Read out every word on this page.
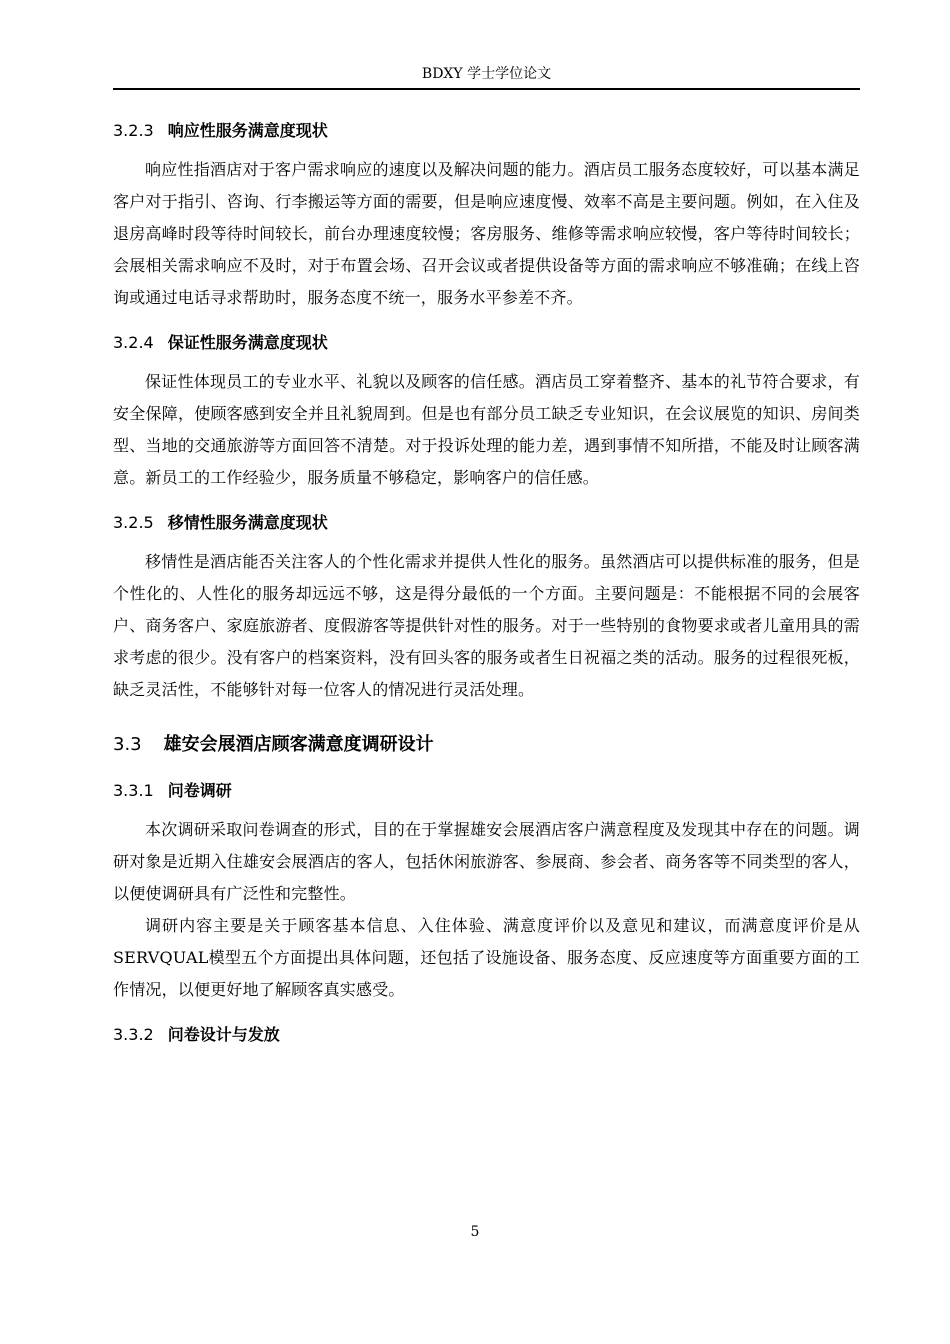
BDXY 学士学位论文
3.2.3 响应性服务满意度现状

响应性指酒店对于客户需求响应的速度以及解决问题的能力。酒店员工服务态度较好，可以基本满足客户对于指引、咨询、行李搬运等方面的需要，但是响应速度慢、效率不高是主要问题。例如，在入住及退房高峰时段等待时间较长，前台办理速度较慢；客房服务、维修等需求响应较慢，客户等待时间较长；会展相关需求响应不及时，对于布置会场、召开会议或者提供设备等方面的需求响应不够准确；在线上咨询或通过电话寻求帮助时，服务态度不统一，服务水平参差不齐。

3.2.4 保证性服务满意度现状

保证性体现员工的专业水平、礼貌以及顾客的信任感。酒店员工穿着整齐、基本的礼节符合要求，有安全保障，使顾客感到安全并且礼貌周到。但是也有部分员工缺乏专业知识，在会议展览的知识、房间类型、当地的交通旅游等方面回答不清楚。对于投诉处理的能力差，遇到事情不知所措，不能及时让顾客满意。新员工的工作经验少，服务质量不够稳定，影响客户的信任感。

3.2.5 移情性服务满意度现状

移情性是酒店能否关注客人的个性化需求并提供人性化的服务。虽然酒店可以提供标准的服务，但是个性化的、人性化的服务却远远不够，这是得分最低的一个方面。主要问题是：不能根据不同的会展客户、商务客户、家庭旅游者、度假游客等提供针对性的服务。对于一些特别的食物要求或者儿童用具的需求考虑的很少。没有客户的档案资料，没有回头客的服务或者生日祝福之类的活动。服务的过程很死板，缺乏灵活性，不能够针对每一位客人的情况进行灵活处理。

3.3 雄安会展酒店顾客满意度调研设计
3.3.1 问卷调研

本次调研采取问卷调查的形式，目的在于掌握雄安会展酒店客户满意程度及发现其中存在的问题。调研对象是近期入住雄安会展酒店的客人，包括休闲旅游客、参展商、参会者、商务客等不同类型的客人，以便使调研具有广泛性和完整性。

调研内容主要是关于顾客基本信息、入住体验、满意度评价以及意见和建议，而满意度评价是从SERVQUAL模型五个方面提出具体问题，还包括了设施设备、服务态度、反应速度等方面重要方面的工作情况，以便更好地了解顾客真实感受。

3.3.2 问卷设计与发放
5
